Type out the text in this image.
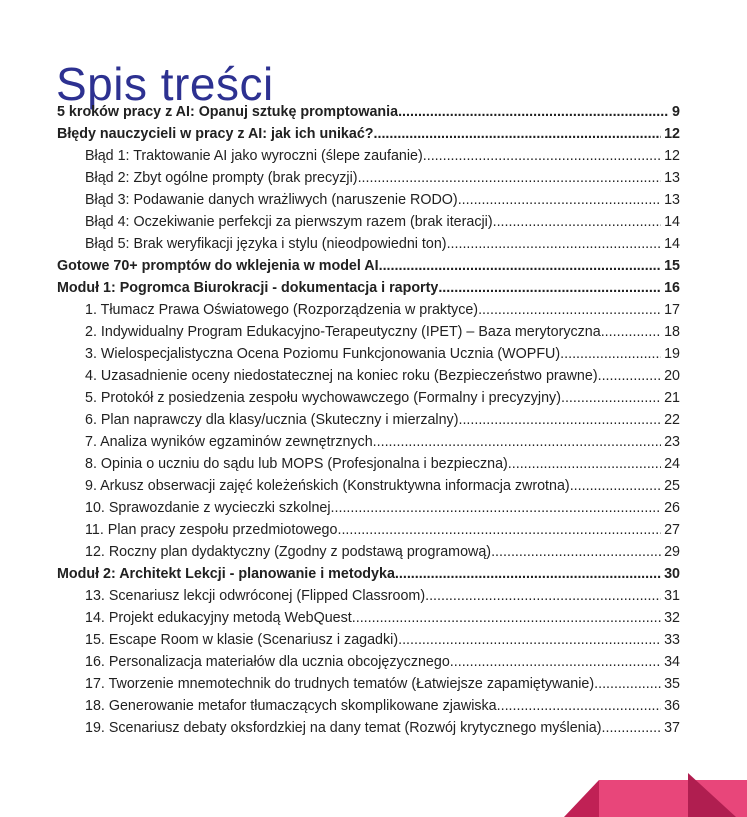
Spis treści
5 kroków pracy z AI: Opanuj sztukę promptowania .....	9
Błędy nauczycieli w pracy z AI: jak ich unikać? .....	12
Błąd 1: Traktowanie AI jako wyroczni (ślepe zaufanie) .....	12
Błąd 2: Zbyt ogólne prompty (brak precyzji) .....	13
Błąd 3: Podawanie danych wrażliwych (naruszenie RODO) .....	13
Błąd 4: Oczekiwanie perfekcji za pierwszym razem (brak iteracji) .....	14
Błąd 5: Brak weryfikacji języka i stylu (nieodpowiedni ton) .....	14
Gotowe 70+ promptów do wklejenia w model AI .....	15
Moduł 1: Pogromca Biurokracji - dokumentacja i raporty .....	16
1. Tłumacz Prawa Oświatowego (Rozporządzenia w praktyce) .....	17
2. Indywidualny Program Edukacyjno-Terapeutyczny (IPET) – Baza merytoryczna .....	18
3. Wielospecjalistyczna Ocena Poziomu Funkcjonowania Ucznia (WOPFU) .....	19
4. Uzasadnienie oceny niedostatecznej na koniec roku (Bezpieczeństwo prawne) .....	20
5. Protokół z posiedzenia zespołu wychowawczego (Formalny i precyzyjny) .....	21
6. Plan naprawczy dla klasy/ucznia (Skuteczny i mierzalny) .....	22
7. Analiza wyników egzaminów zewnętrznych .....	23
8. Opinia o uczniu do sądu lub MOPS (Profesjonalna i bezpieczna) .....	24
9. Arkusz obserwacji zajęć koleżeńskich (Konstruktywna informacja zwrotna) .....	25
10. Sprawozdanie z wycieczki szkolnej .....	26
11. Plan pracy zespołu przedmiotowego .....	27
12. Roczny plan dydaktyczny (Zgodny z podstawą programową) .....	29
Moduł 2: Architekt Lekcji - planowanie i metodyka .....	30
13. Scenariusz lekcji odwróconej (Flipped Classroom) .....	31
14. Projekt edukacyjny metodą WebQuest .....	32
15. Escape Room w klasie (Scenariusz i zagadki) .....	33
16. Personalizacja materiałów dla ucznia obcojęzycznego .....	34
17. Tworzenie mnemotechnik do trudnych tematów (Łatwiejsze zapamiętywanie) .....	35
18. Generowanie metafor tłumaczących skomplikowane zjawiska .....	36
19. Scenariusz debaty oksfordzkiej na dany temat (Rozwój krytycznego myślenia) .....	37
